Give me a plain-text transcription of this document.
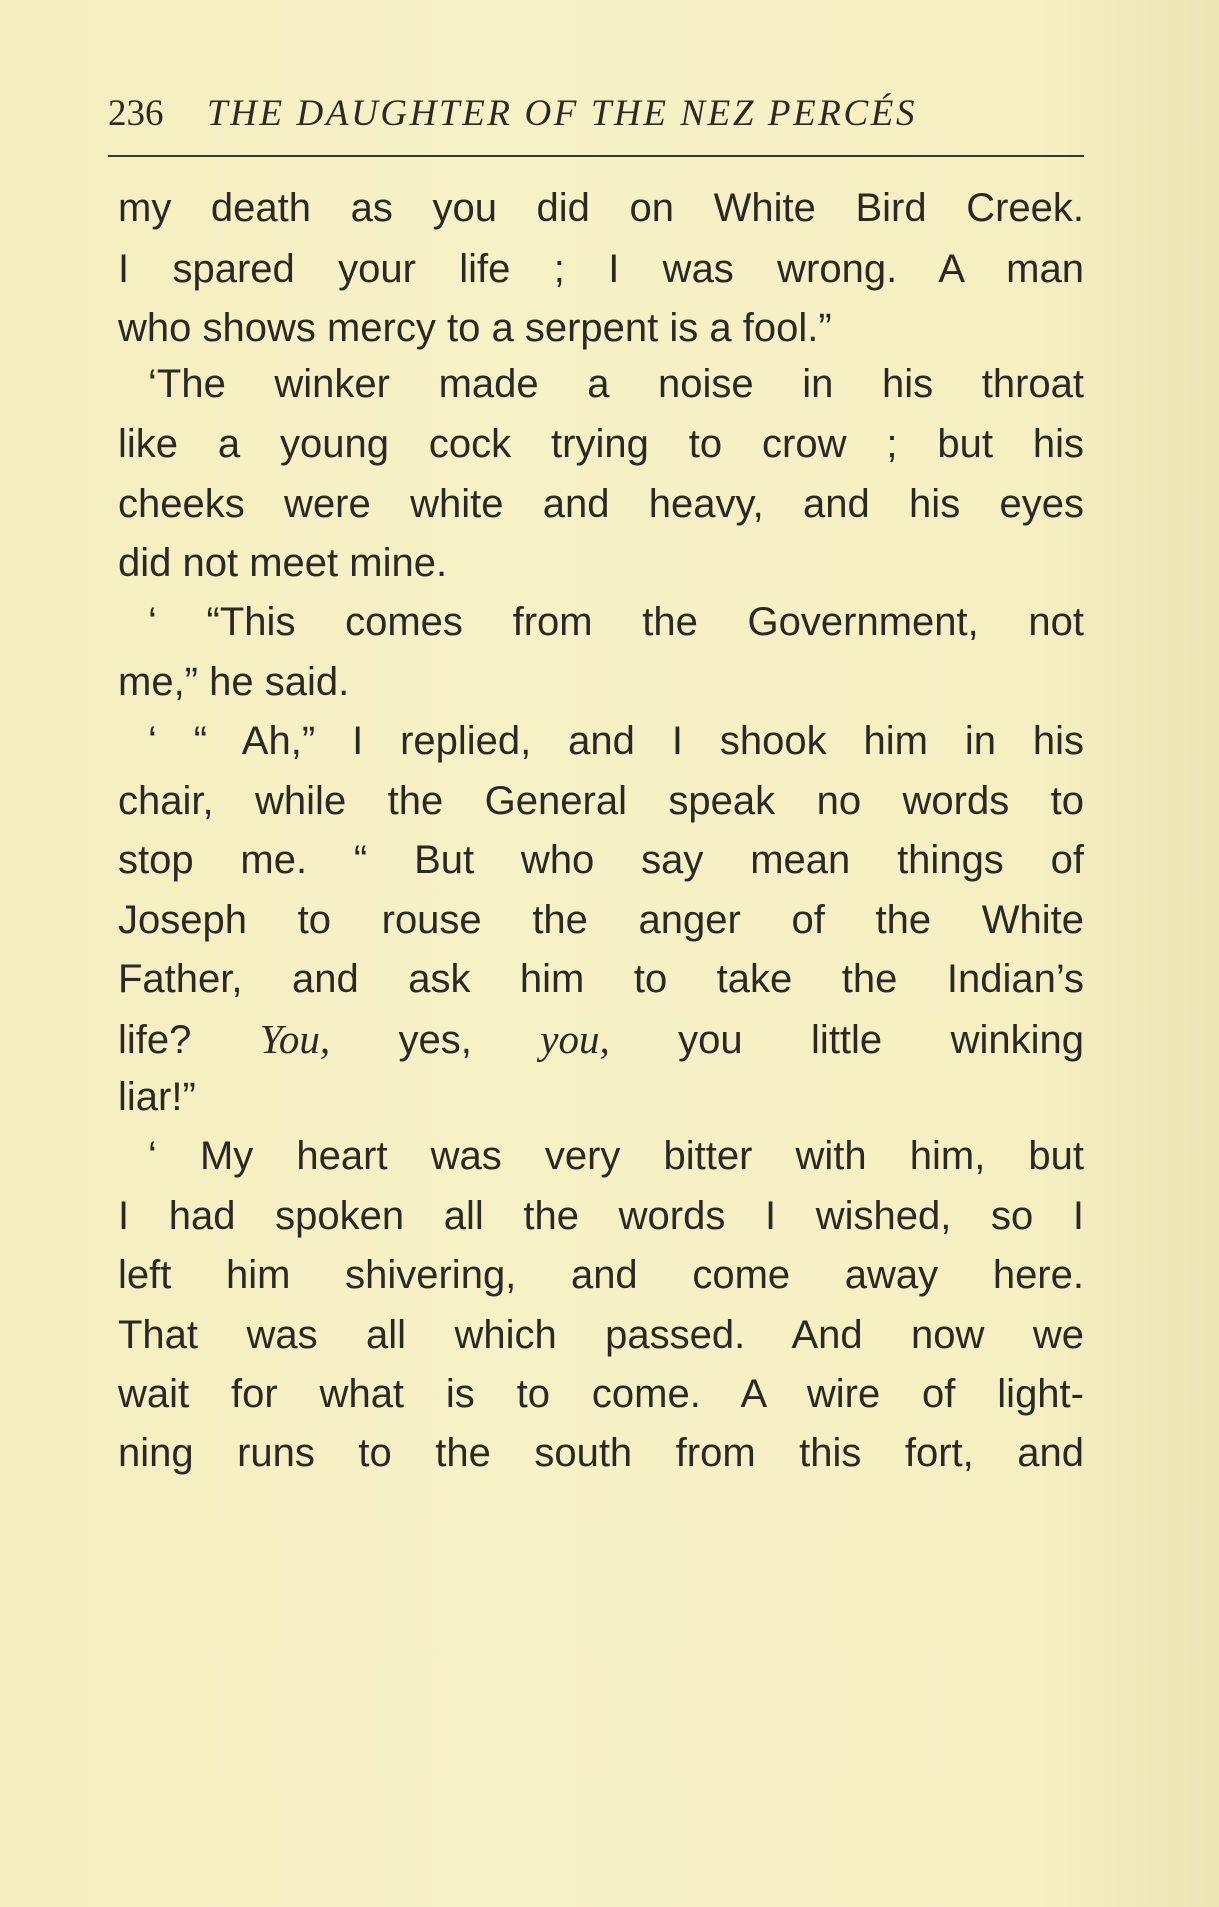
236 THE DAUGHTER OF THE NEZ PERCÉS
my death as you did on White Bird Creek.
I spared your life ; I was wrong. A man
who shows mercy to a serpent is a fool.”
‘The winker made a noise in his throat
like a young cock trying to crow ; but his
cheeks were white and heavy, and his eyes
did not meet mine.
‘ “This comes from the Government, not
me,” he said.
‘ “ Ah,” I replied, and I shook him in his
chair, while the General speak no words to
stop me. “ But who say mean things of
Joseph to rouse the anger of the White
Father, and ask him to take the Indian’s
life? You, yes, you, you little winking
liar!”
‘ My heart was very bitter with him, but
I had spoken all the words I wished, so I
left him shivering, and come away here.
That was all which passed. And now we
wait for what is to come. A wire of light-
ning runs to the south from this fort, and
